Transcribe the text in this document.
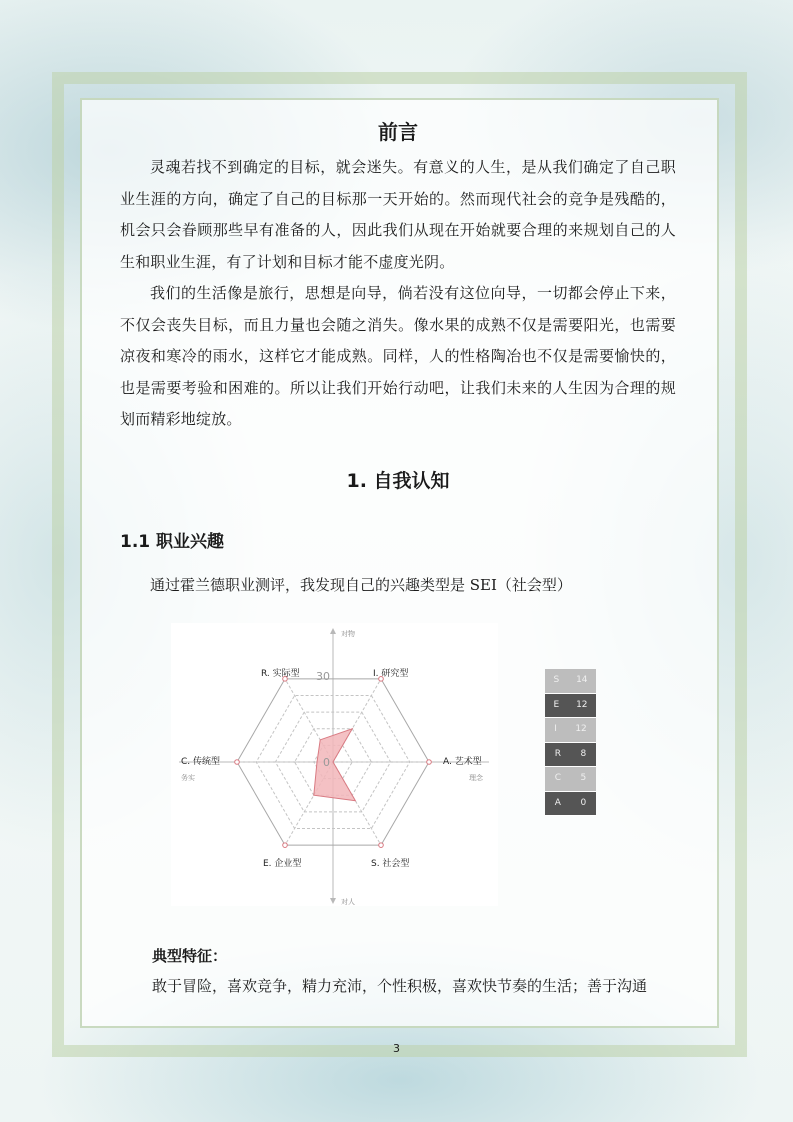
前言

灵魂若找不到确定的目标，就会迷失。有意义的人生，是从我们确定了自己职业生涯的方向，确定了自己的目标那一天开始的。然而现代社会的竞争是残酷的，机会只会眷顾那些早有准备的人，因此我们从现在开始就要合理的来规划自己的人生和职业生涯，有了计划和目标才能不虚度光阴。

我们的生活像是旅行，思想是向导，倘若没有这位向导，一切都会停止下来，不仅会丧失目标，而且力量也会随之消失。像水果的成熟不仅是需要阳光，也需要凉夜和寒冷的雨水，这样它才能成熟。同样，人的性格陶冶也不仅是需要愉快的，也是需要考验和困难的。所以让我们开始行动吧，让我们未来的人生因为合理的规划而精彩地绽放。

1. 自我认知
1.1 职业兴趣

通过霍兰德职业测评，我发现自己的兴趣类型是 SEI（社会型）

30
0
I. 研究型
A. 艺术型
S. 社会型
E. 企业型
C. 传统型
R. 实际型
对物
对人
务实	理念
S 14
E 12
I 12
R 8
C 5
A 0

典型特征：

敢于冒险，喜欢竞争，精力充沛，个性积极，喜欢快节奏的生活；善于沟通

3
